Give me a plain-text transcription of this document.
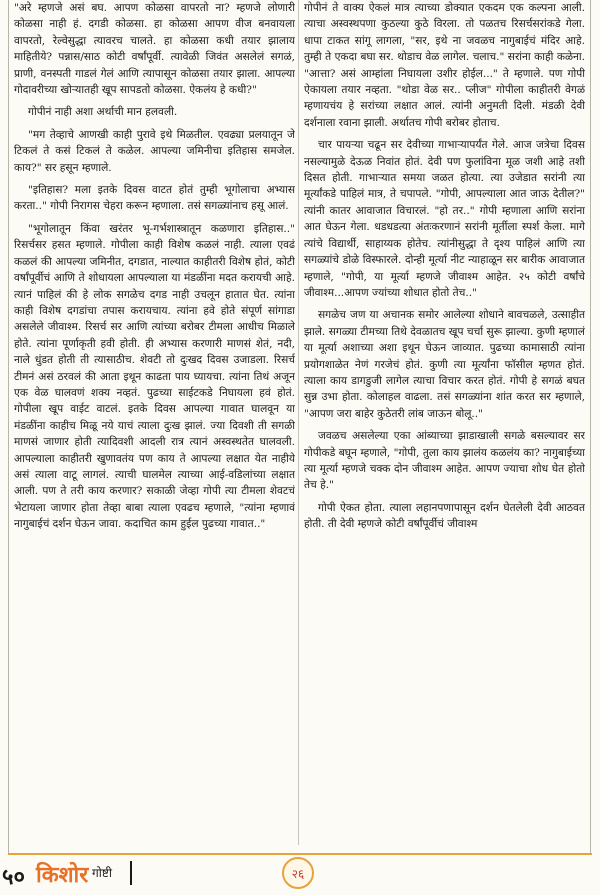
"अरे म्हणजे असं बघ. आपण कोळसा वापरतो ना? म्हणजे लोणारी कोळसा नाही हं. दगडी कोळसा. हा कोळसा आपण वीज बनवायला वापरतो, रेल्वेसुद्धा त्यावरच चालते. हा कोळसा कधी तयार झालाय माहितीये? पन्नास/साठ कोटी वर्षांपूर्वी. त्यावेळी जिवंत असलेलं सगळं, प्राणी, वनस्पती गाडलं गेलं आणि त्यापासून कोळसा तयार झाला. आपल्या गोदावरीच्या खोऱ्यातही खूप सापडतो कोळसा. ऐकलंय हे कधी?"

गोपीनं नाही अशा अर्थाची मान हलवली.

"मग तेव्हाचे आणखी काही पुरावे इथे मिळतील. एवढ्या प्रलयातून जे टिकलं ते कसं टिकलं ते कळेल. आपल्या जमिनीचा इतिहास समजेल. काय?" सर हसून म्हणाले.

"इतिहास? मला इतके दिवस वाटत होतं तुम्ही भूगोलाचा अभ्यास करता.." गोपी निरागस चेहरा करून म्हणाला. तसं सगळ्यांनाच हसू आलं.

"भूगोलातून किंवा खरंतर भू-गर्भशास्त्रातून कळणारा इतिहास.." रिसर्चसर हसत म्हणाले. गोपीला काही विशेष कळलं नाही. त्याला एवढं कळलं की आपल्या जमिनीत, दगडात, नाल्यात काहीतरी विशेष होतं, कोटी वर्षांपूर्वीचं आणि ते शोधायला आपल्याला या मंडळींना मदत करायची आहे. त्यानं पाहिलं की हे लोक सगळेच दगड नाही उचलून हातात घेत. त्यांना काही विशेष दगडांचा तपास करायचाय. त्यांना हवे होते संपूर्ण सांगाडा असलेले जीवाश्म. रिसर्च सर आणि त्यांच्या बरोबर टीमला आधीच मिळाले होते. त्यांना पूर्णाकृती हवी होती. ही अभ्यास करणारी माणसं शेतं, नदी, नाले धुंडत होती ती त्यासाठीच. शेवटी तो दुःखद दिवस उजाडला. रिसर्च टीमनं असं ठरवलं की आता इथून काढता पाय घ्यायचा. त्यांना तिथं अजून एक वेळ घालवणं शक्य नव्हतं. पुढच्या साईटकडे निघायला हवं होतं. गोपीला खूप वाईट वाटलं. इतके दिवस आपल्या गावात घालवून या मंडळींना काहीच मिळू नये याचं त्याला दुःख झालं. ज्या दिवशी ती सगळी माणसं जाणार होती त्यादिवशी आदली रात्र त्यानं अस्वस्थतेत घालवली. आपल्याला काहीतरी खुणावतंय पण काय ते आपल्या लक्षात येत नाहीये असं त्याला वाटू लागलं. त्याची घालमेल त्याच्या आई-वडिलांच्या लक्षात आली. पण ते तरी काय करणार? सकाळी जेव्हा गोपी त्या टीमला शेवटचं भेटायला जाणार होता तेव्हा बाबा त्याला एवढच म्हणाले, "त्यांना म्हणावं नागुबाईचं दर्शन घेऊन जावा. कदाचित काम हुईल पुढच्या गावात.."

गोपीनं ते वाक्य ऐकलं मात्र त्याच्या डोक्यात एकदम एक कल्पना आली. त्याचा अस्वस्थपणा कुठल्या कुठे विरला. तो पळतच रिसर्चसरांकडे गेला. धापा टाकत सांगू लागला, "सर, इथे ना जवळच नागुबाईचं मंदिर आहे. तुम्ही ते एकदा बघा सर. थोडाच वेळ लागेल. चलाच." सरांना काही कळेना. "आत्ता? असं आम्हांला निघायला उशीर होईल..." ते म्हणाले. पण गोपी ऐकायला तयार नव्हता. "थोडा वेळ सर.. प्लीज" गोपीला काहीतरी वेगळं म्हणायचंय हे सरांच्या लक्षात आलं. त्यांनी अनुमती दिली. मंडळी देवी दर्शनाला रवाना झाली. अर्थातच गोपी बरोबर होताच.

चार पायऱ्या चढून सर देवीच्या गाभाऱ्यापर्यंत गेले. आज जत्रेचा दिवस नसल्यामुळे देऊळ निवांत होतं. देवी पण फुलांविना मूळ जशी आहे तशी दिसत होती. गाभाऱ्यात समया जळत होत्या. त्या उजेडात सरांनी त्या मूर्त्यांकडे पाहिलं मात्र, ते चपापले. "गोपी, आपल्याला आत जाऊ देतील?" त्यांनी कातर आवाजात विचारलं. "हो तर.." गोपी म्हणाला आणि सरांना आत घेऊन गेला. धडधडत्या अंतःकरणानं सरांनी मूर्तीला स्पर्श केला. मागे त्यांचे विद्यार्थी, साहाय्यक होतेच. त्यांनीसुद्धा ते दृश्य पाहिलं आणि त्या सगळ्यांचे डोळे विस्फारले. दोन्ही मूर्त्या नीट न्याहाळून सर बारीक आवाजात म्हणाले, "गोपी, या मूर्त्या म्हणजे जीवाश्म आहेत. २५ कोटी वर्षांचे जीवाश्म...आपण ज्यांच्या शोधात होतो तेच.."

सगळेच जण या अचानक समोर आलेल्या शोधाने बावचळले, उत्साहीत झाले. सगळ्या टीमच्या तिथे देवळातच खूप चर्चा सुरू झाल्या. कुणी म्हणालं या मूर्त्या अशाच्या अशा इथून घेऊन जाव्यात. पुढच्या कामासाठी त्यांना प्रयोगशाळेत नेणं गरजेचं होतं. कुणी त्या मूर्त्यांना फॉसील म्हणत होतं. त्याला काय डागडुजी लागेल त्याचा विचार करत होतं. गोपी हे सगळं बघत सुन्न उभा होता. कोलाहल वाढला. तसं सगळ्यांना शांत करत सर म्हणाले, "आपण जरा बाहेर कुठेतरी लांब जाऊन बोलू.."

जवळच असलेल्या एका आंब्याच्या झाडाखाली सगळे बसल्यावर सर गोपीकडे बघून म्हणाले, "गोपी, तुला काय झालंय कळलंय का? नागुबाईच्या त्या मूर्त्या म्हणजे चक्क दोन जीवाश्म आहेत. आपण ज्याचा शोध घेत होतो तेच हे."

गोपी ऐकत होता. त्याला लहानपणापासून दर्शन घेतलेली देवी आठवत होती. ती देवी म्हणजे कोटी वर्षांपूर्वीचं जीवाश्म

५० किशोर गोष्टी	२६
